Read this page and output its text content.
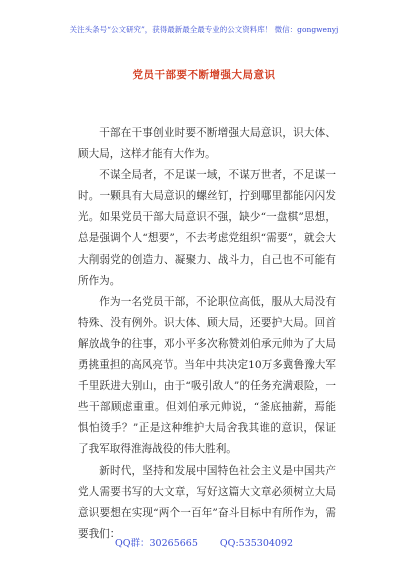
关注头条号“公文研究”，获得最新最全最专业的公文资料库！ 微信：gongwenyj
党员干部要不断增强大局意识

干部在干事创业时要不断增强大局意识，识大体、顾大局，这样才能有大作为。

不谋全局者，不足谋一域，不谋万世者，不足谋一时。一颗具有大局意识的螺丝钉，拧到哪里都能闪闪发光。如果党员干部大局意识不强，缺少“一盘棋”思想，总是强调个人“想要”，不去考虑党组织“需要”，就会大大削弱党的创造力、凝聚力、战斗力，自己也不可能有所作为。

作为一名党员干部，不论职位高低，服从大局没有特殊、没有例外。识大体、顾大局，还要护大局。回首解放战争的往事，邓小平多次称赞刘伯承元帅为了大局勇挑重担的高风亮节。当年中共决定10万多冀鲁豫大军千里跃进大别山，由于“吸引敌人”的任务充满艰险，一些干部顾虑重重。但刘伯承元帅说，“釜底抽薪，焉能惧怕烫手？”正是这种维护大局舍我其谁的意识，保证了我军取得淮海战役的伟大胜利。

新时代，坚持和发展中国特色社会主义是中国共产党人需要书写的大文章，写好这篇大文章必须树立大局意识要想在实现“两个一百年”奋斗目标中有所作为，需要我们：

QQ群：30265665 QQ:535304092
